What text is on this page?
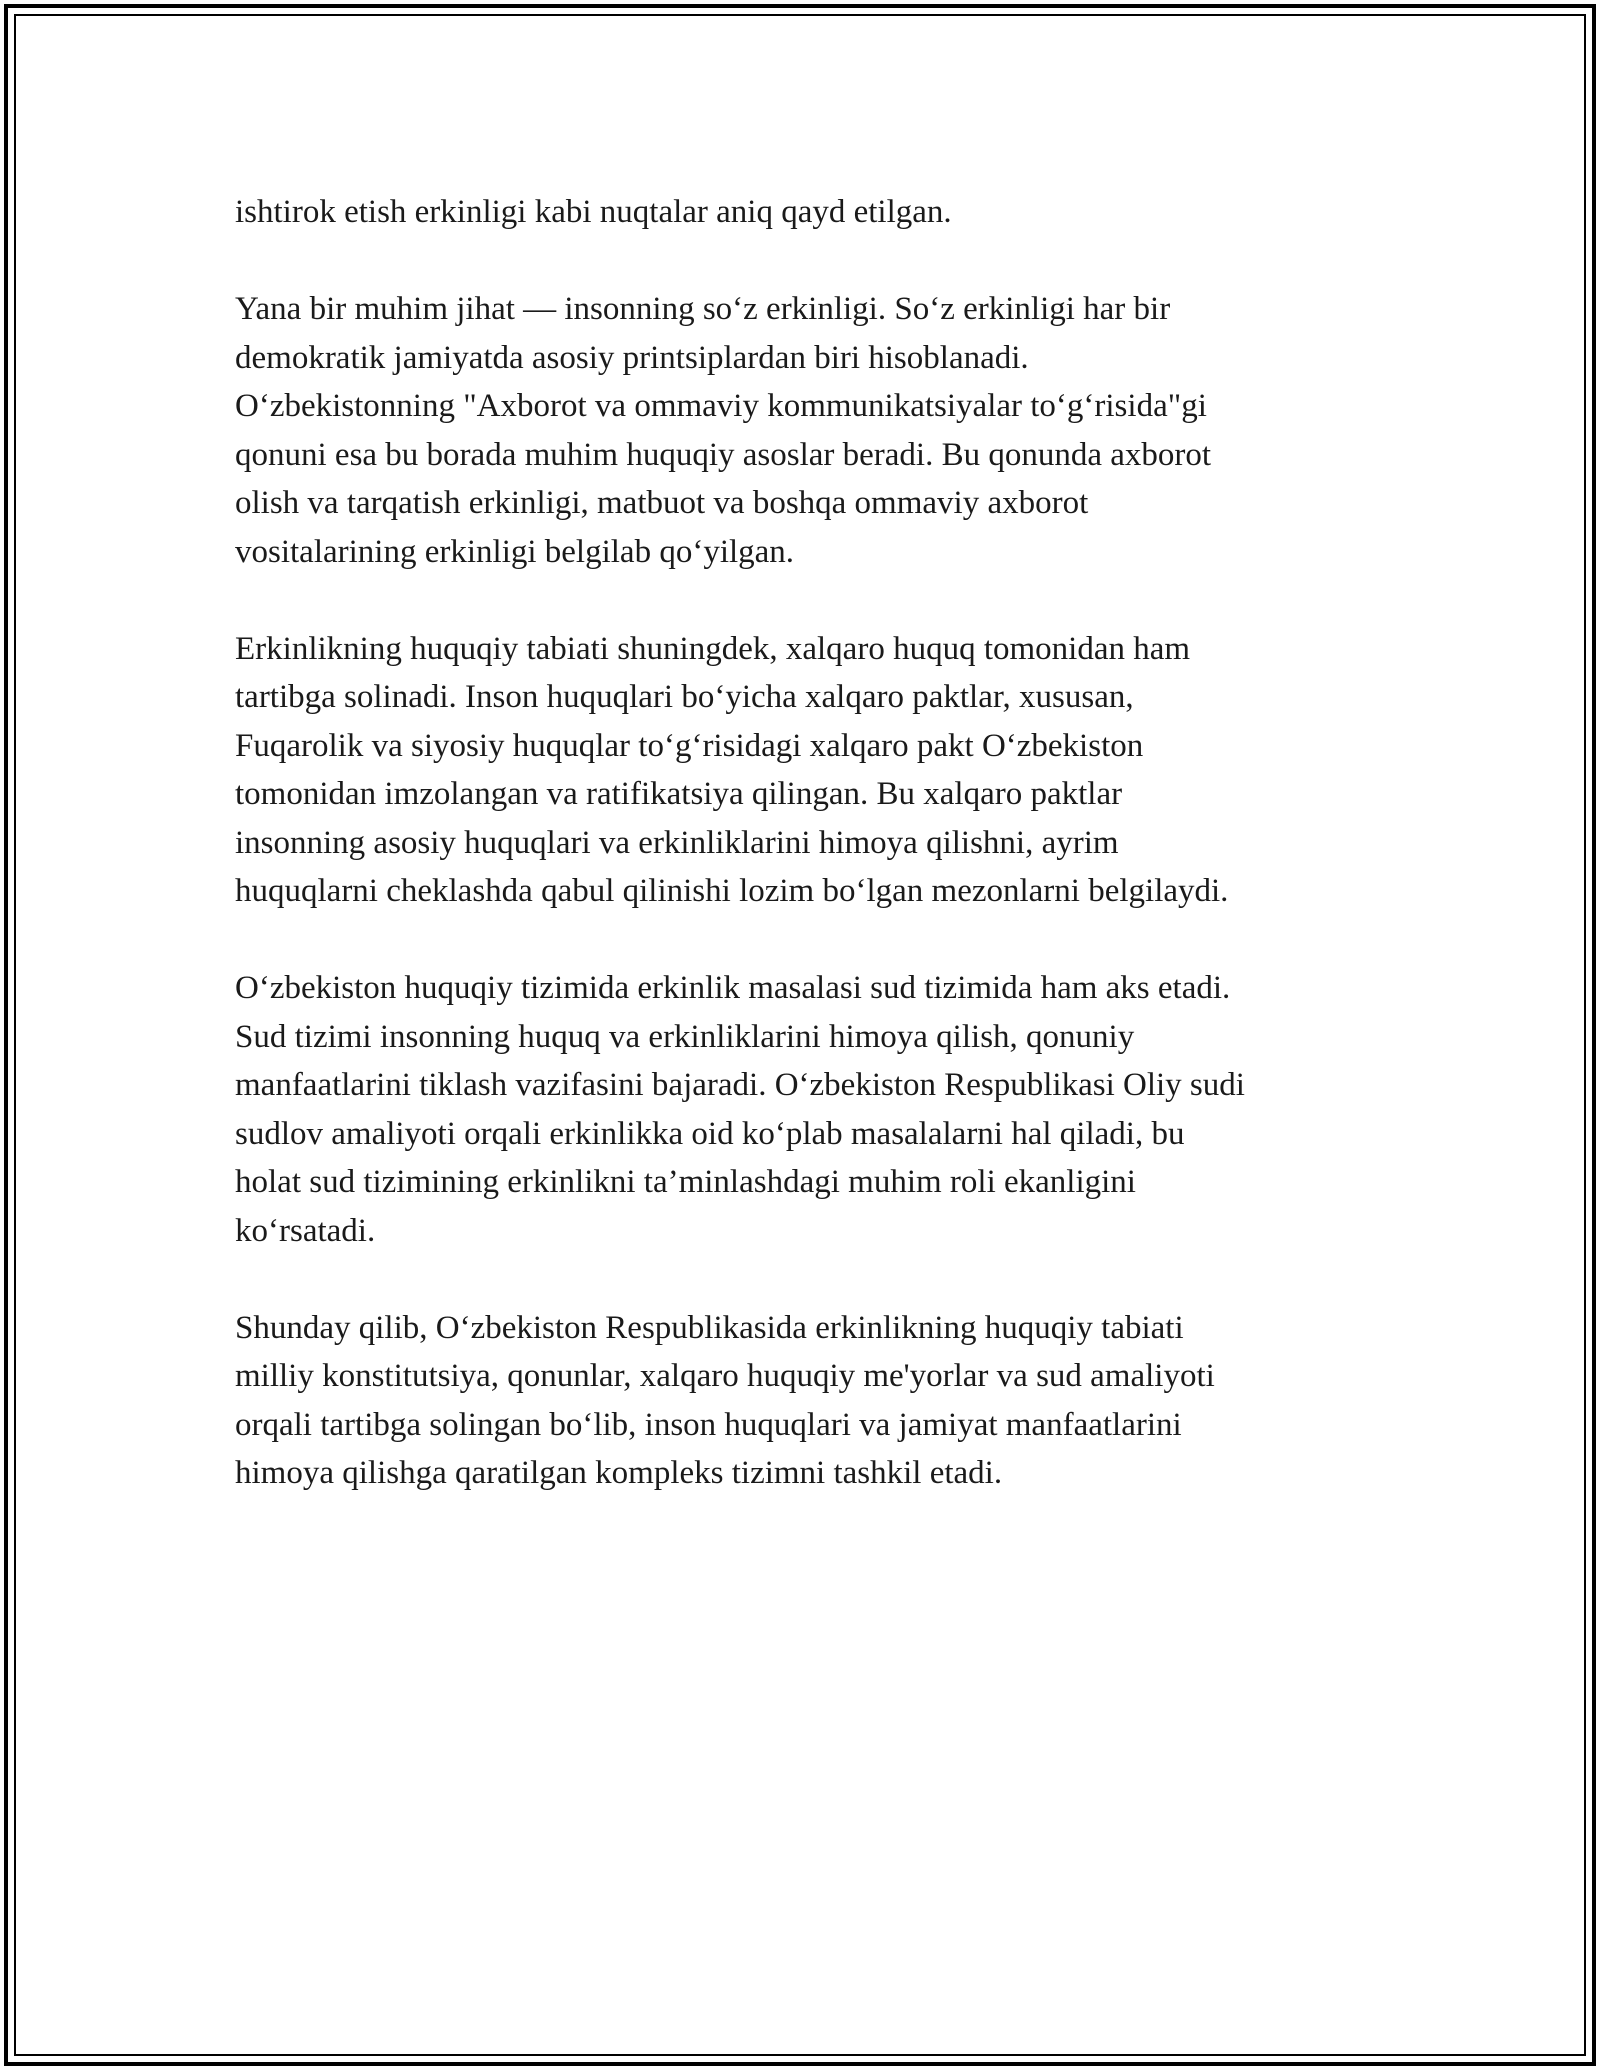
ishtirok etish erkinligi kabi nuqtalar aniq qayd etilgan.

Yana bir muhim jihat — insonning so‘z erkinligi. So‘z erkinligi har bir
demokratik jamiyatda asosiy printsiplardan biri hisoblanadi.
O‘zbekistonning "Axborot va ommaviy kommunikatsiyalar to‘g‘risida"gi
qonuni esa bu borada muhim huquqiy asoslar beradi. Bu qonunda axborot
olish va tarqatish erkinligi, matbuot va boshqa ommaviy axborot
vositalarining erkinligi belgilab qo‘yilgan.

Erkinlikning huquqiy tabiati shuningdek, xalqaro huquq tomonidan ham
tartibga solinadi. Inson huquqlari bo‘yicha xalqaro paktlar, xususan,
Fuqarolik va siyosiy huquqlar to‘g‘risidagi xalqaro pakt O‘zbekiston
tomonidan imzolangan va ratifikatsiya qilingan. Bu xalqaro paktlar
insonning asosiy huquqlari va erkinliklarini himoya qilishni, ayrim
huquqlarni cheklashda qabul qilinishi lozim bo‘lgan mezonlarni belgilaydi.

O‘zbekiston huquqiy tizimida erkinlik masalasi sud tizimida ham aks etadi.
Sud tizimi insonning huquq va erkinliklarini himoya qilish, qonuniy
manfaatlarini tiklash vazifasini bajaradi. O‘zbekiston Respublikasi Oliy sudi
sudlov amaliyoti orqali erkinlikka oid ko‘plab masalalarni hal qiladi, bu
holat sud tizimining erkinlikni ta’minlashdagi muhim roli ekanligini
ko‘rsatadi.

Shunday qilib, O‘zbekiston Respublikasida erkinlikning huquqiy tabiati
milliy konstitutsiya, qonunlar, xalqaro huquqiy me'yorlar va sud amaliyoti
orqali tartibga solingan bo‘lib, inson huquqlari va jamiyat manfaatlarini
himoya qilishga qaratilgan kompleks tizimni tashkil etadi.
